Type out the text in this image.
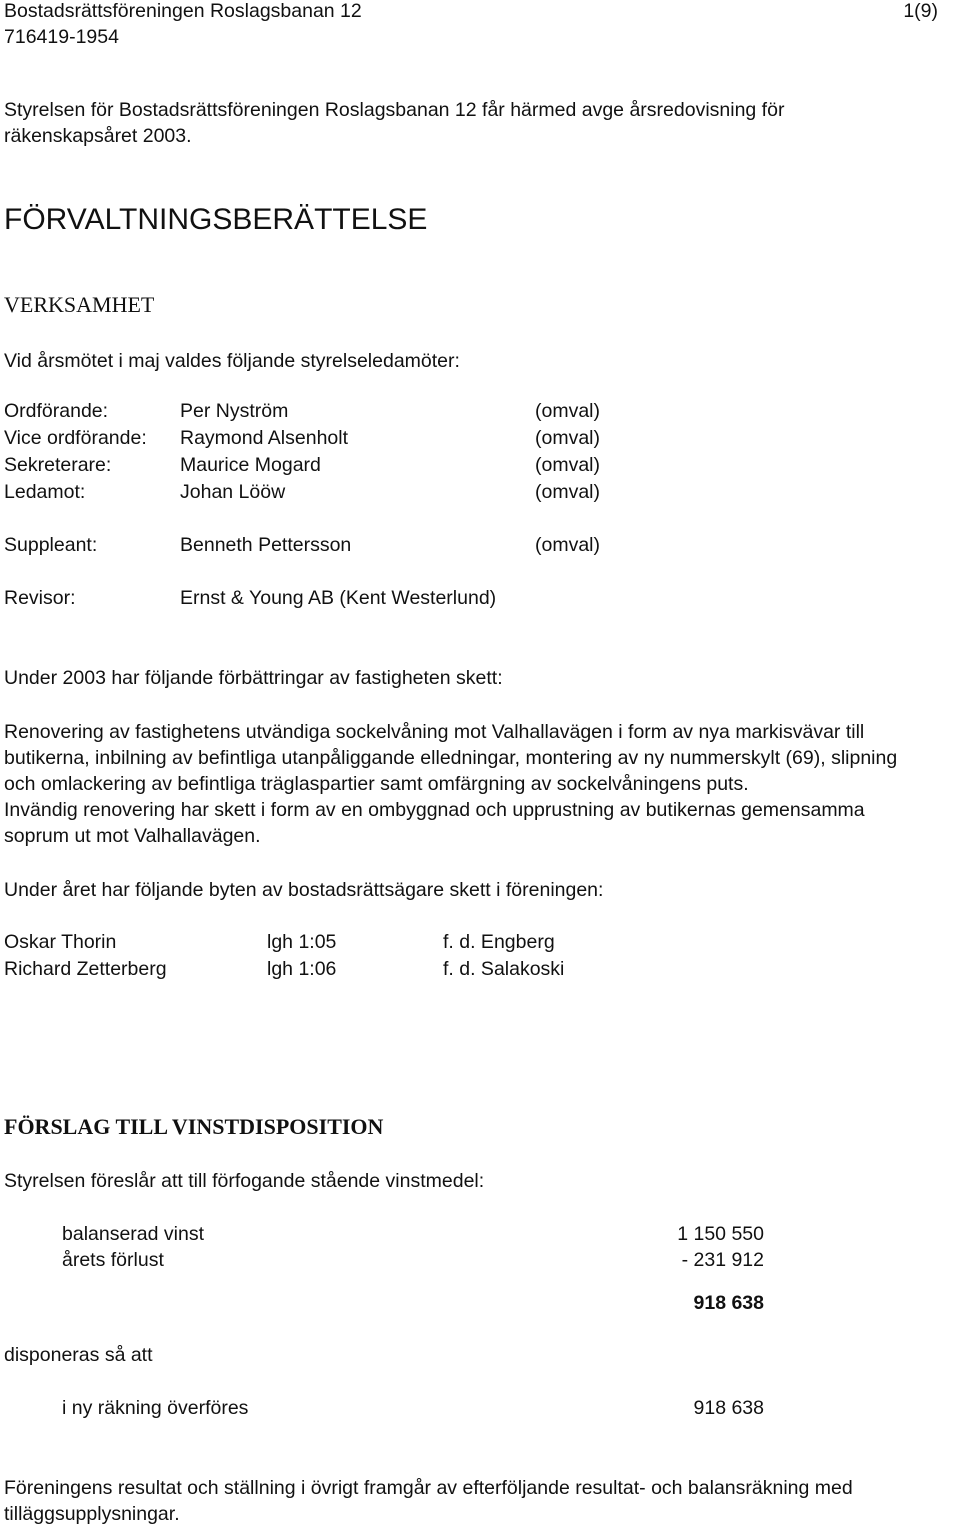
Bostadsrättsföreningen Roslagsbanan 12	1(9)
716419-1954
Styrelsen för Bostadsrättsföreningen Roslagsbanan 12 får härmed avge årsredovisning för
räkenskapsåret 2003.
FÖRVALTNINGSBERÄTTELSE
VERKSAMHET
Vid årsmötet i maj valdes följande styrelseledamöter:
Ordförande:	Per Nyström	(omval)
Vice ordförande: Raymond Alsenholt	(omval)
Sekreterare:	Maurice Mogard	(omval)
Ledamot:	Johan Lööw	(omval)
Suppleant:	Benneth Pettersson	(omval)
Revisor:	Ernst & Young AB (Kent Westerlund)
Under 2003 har följande förbättringar av fastigheten skett:
Renovering av fastighetens utvändiga sockelvåning mot Valhallavägen i form av nya markisvävar till
butikerna, inbilning av befintliga utanpåliggande elledningar, montering av ny nummerskylt (69), slipning
och omlackering av befintliga träglaspartier samt omfärgning av sockelvåningens puts.
Invändig renovering har skett i form av en ombyggnad och upprustning av butikernas gemensamma
soprum ut mot Valhallavägen.
Under året har följande byten av bostadsrättsägare skett i föreningen:
Oskar Thorin	lgh 1:05	f. d. Engberg
Richard Zetterberg	lgh 1:06	f. d. Salakoski
FÖRSLAG TILL VINSTDISPOSITION
Styrelsen föreslår att till förfogande stående vinstmedel:
balanserad vinst	1 150 550
årets förlust	- 231 912
918 638
disponeras så att
i ny räkning överföres	918 638
Föreningens resultat och ställning i övrigt framgår av efterföljande resultat- och balansräkning med
tilläggsupplysningar.
